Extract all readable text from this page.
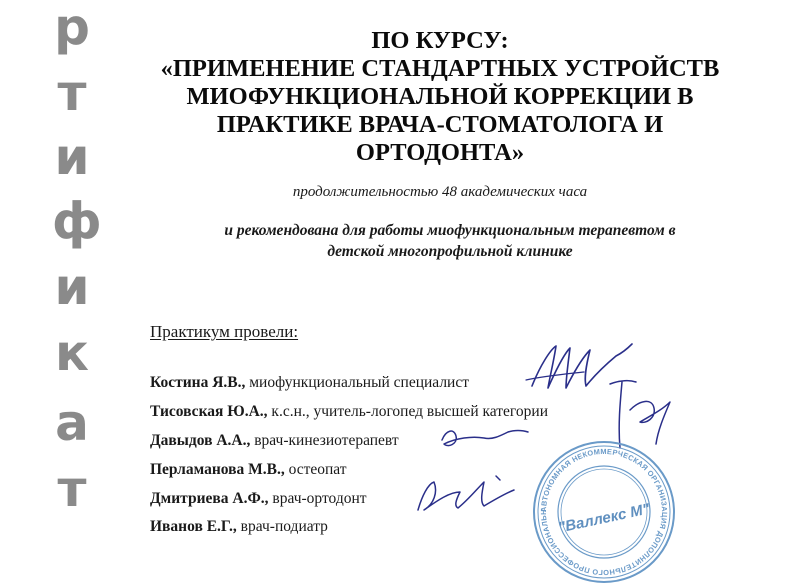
р
т
и
ф
и
к
а
т

ПО КУРСУ:

«ПРИМЕНЕНИЕ СТАНДАРТНЫХ УСТРОЙСТВ

МИОФУНКЦИОНАЛЬНОЙ КОРРЕКЦИИ В

ПРАКТИКЕ ВРАЧА-СТОМАТОЛОГА И

ОРТОДОНТА»

продолжительностью 48 академических часа

и рекомендована для работы миофункциональным терапевтом в

детской многопрофильной клинике

Практикум провели:

Костина Я.В., миофункциональный специалист
Тисовская Ю.А., к.с.н., учитель-логопед высшей категории
Давыдов А.А., врач-кинезиотерапевт
Перламанова М.В., остеопат
Дмитриева А.Ф., врач-ортодонт
Иванов Е.Г., врач-подиатр
АВТОНОМНАЯ НЕКОММЕРЧЕСКАЯ ОРГАНИЗАЦИЯ ДОПОЛНИТЕЛЬНОГО ПРОФЕССИОНАЛЬНОГО ОБРАЗОВАНИЯ · МОСКВА ·
"Валлекс М"
